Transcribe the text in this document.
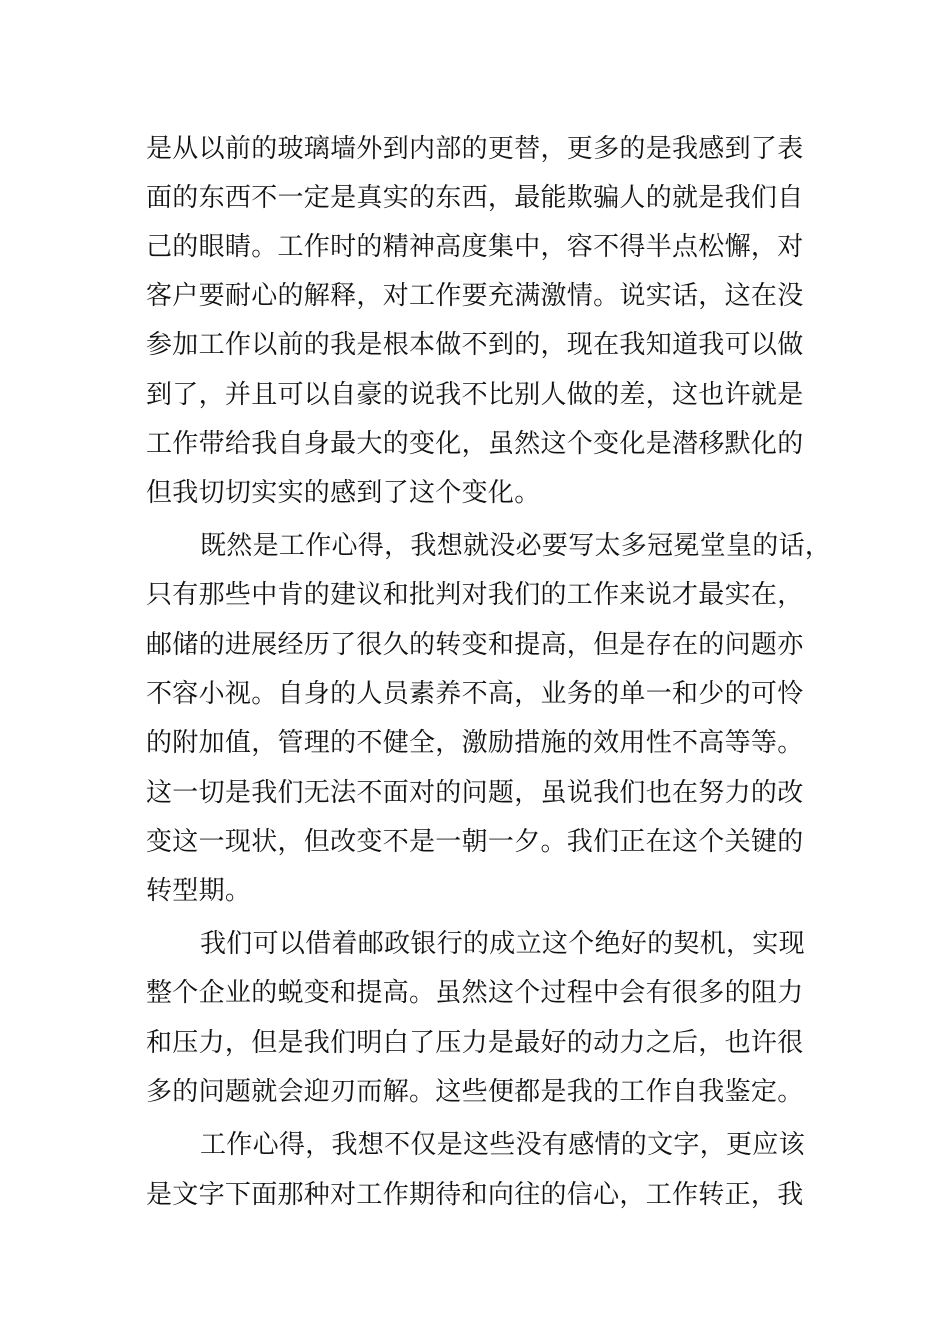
是从以前的玻璃墙外到内部的更替，更多的是我感到了表
面的东西不一定是真实的东西，最能欺骗人的就是我们自
己的眼睛。工作时的精神高度集中，容不得半点松懈，对
客户要耐心的解释，对工作要充满激情。说实话，这在没
参加工作以前的我是根本做不到的，现在我知道我可以做
到了，并且可以自豪的说我不比别人做的差，这也许就是
工作带给我自身最大的变化，虽然这个变化是潜移默化的
但我切切实实的感到了这个变化。
既然是工作心得，我想就没必要写太多冠冕堂皇的话，
只有那些中肯的建议和批判对我们的工作来说才最实在，
邮储的进展经历了很久的转变和提高，但是存在的问题亦
不容小视。自身的人员素养不高，业务的单一和少的可怜
的附加值，管理的不健全，激励措施的效用性不高等等。
这一切是我们无法不面对的问题，虽说我们也在努力的改
变这一现状，但改变不是一朝一夕。我们正在这个关键的
转型期。
我们可以借着邮政银行的成立这个绝好的契机，实现
整个企业的蜕变和提高。虽然这个过程中会有很多的阻力
和压力，但是我们明白了压力是最好的动力之后，也许很
多的问题就会迎刃而解。这些便都是我的工作自我鉴定。
工作心得，我想不仅是这些没有感情的文字，更应该
是文字下面那种对工作期待和向往的信心，工作转正，我
